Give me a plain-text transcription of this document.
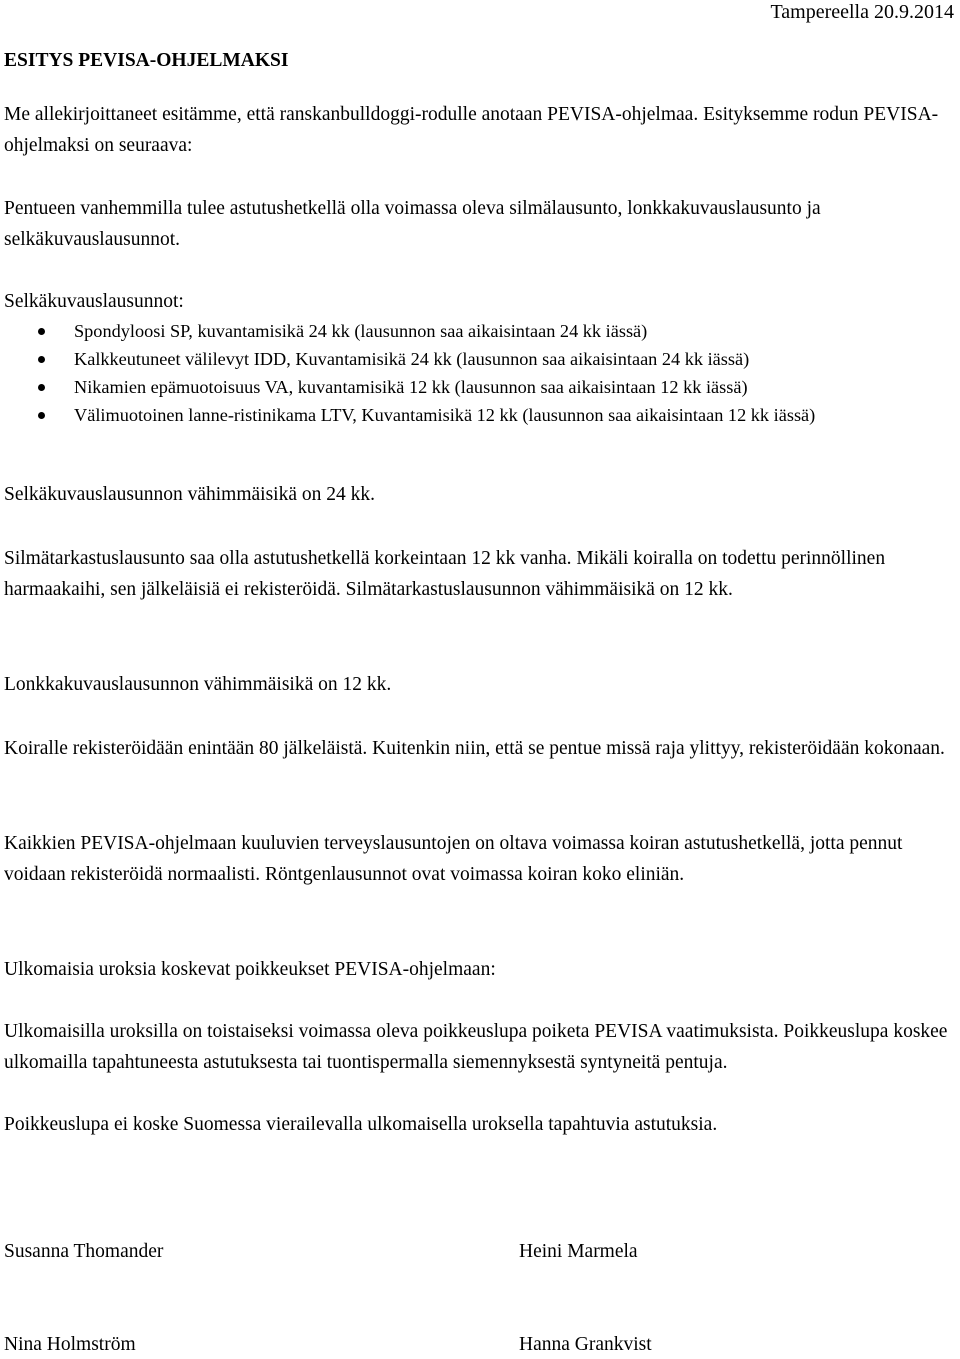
Tampereella 20.9.2014
ESITYS PEVISA-OHJELMAKSI

Me allekirjoittaneet esitämme, että ranskanbulldoggi-rodulle anotaan PEVISA-ohjelmaa. Esityksemme rodun PEVISA-ohjelmaksi on seuraava:

Pentueen vanhemmilla tulee astutushetkellä olla voimassa oleva silmälausunto, lonkkakuvauslausunto ja selkäkuvauslausunnot.

Selkäkuvauslausunnot:

Spondyloosi SP, kuvantamisikä 24 kk (lausunnon saa aikaisintaan 24 kk iässä)
Kalkkeutuneet välilevyt IDD, Kuvantamisikä 24 kk (lausunnon saa aikaisintaan 24 kk iässä)
Nikamien epämuotoisuus VA, kuvantamisikä 12 kk (lausunnon saa aikaisintaan 12 kk iässä)
Välimuotoinen lanne-ristinikama LTV, Kuvantamisikä 12 kk (lausunnon saa aikaisintaan 12 kk iässä)

Selkäkuvauslausunnon vähimmäisikä on 24 kk.

Silmätarkastuslausunto saa olla astutushetkellä korkeintaan 12 kk vanha. Mikäli koiralla on todettu perinnöllinen harmaakaihi, sen jälkeläisiä ei rekisteröidä. Silmätarkastuslausunnon vähimmäisikä on 12 kk.

Lonkkakuvauslausunnon vähimmäisikä on 12 kk.

Koiralle rekisteröidään enintään 80 jälkeläistä. Kuitenkin niin, että se pentue missä raja ylittyy, rekisteröidään kokonaan.

Kaikkien PEVISA-ohjelmaan kuuluvien terveyslausuntojen on oltava voimassa koiran astutushetkellä, jotta pennut voidaan rekisteröidä normaalisti. Röntgenlausunnot ovat voimassa koiran koko eliniän.

Ulkomaisia uroksia koskevat poikkeukset PEVISA-ohjelmaan:

Ulkomaisilla uroksilla on toistaiseksi voimassa oleva poikkeuslupa poiketa PEVISA vaatimuksista. Poikkeuslupa koskee ulkomailla tapahtuneesta astutuksesta tai tuontispermalla siemennyksestä syntyneitä pentuja.

Poikkeuslupa ei koske Suomessa vierailevalla ulkomaisella uroksella tapahtuvia astutuksia.

Susanna Thomander	Heini Marmela
Nina Holmström	Hanna Grankvist
